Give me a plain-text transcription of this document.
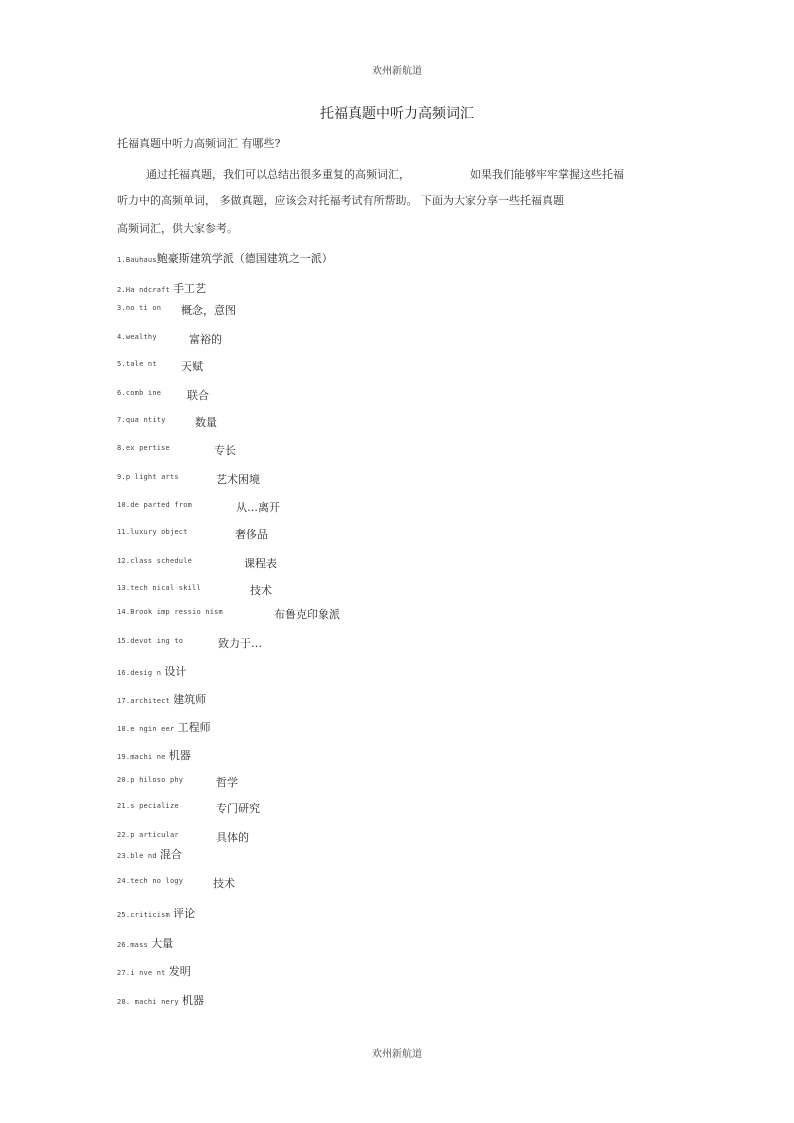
欢州新航道
托福真题中听力高频词汇
托福真题中听力高频词汇 有哪些?
通过托福真题，我们可以总结出很多重复的高频词汇，	如果我们能够牢牢掌握这些托福
听力中的高频单词， 多做真题，应该会对托福考试有所帮助。 下面为大家分享一些托福真题
高频词汇，供大家参考。
1.Bauhaus鲍豪斯建筑学派（德国建筑之一派）
2.Ha ndcraft 手工艺
3.no ti on 概念，意图
4.wealthy	富裕的
5.tale nt 天赋
6.comb ine 联合
7.qua ntity	数量
8.ex pertise	专长
9.p light arts	艺术困境
10.de parted from	从…离开
11.luxury object	奢侈品
12.class schedule	课程表
13.tech nical skill	技术
14.Brook imp ressio nism	布鲁克印象派
15.devot ing to	致力于…
16.desig n 设计
17.architect 建筑师
18.e ngin eer 工程师
19.machi ne 机器
20.p hiloso phy	哲学
21.s pecialize	专门研究
22.p articular	具体的
23.ble nd 混合
24.tech no logy	技术
25.criticism 评论
26.mass 大量
27.i nve nt 发明
28. machi nery 机器
欢州新航道
